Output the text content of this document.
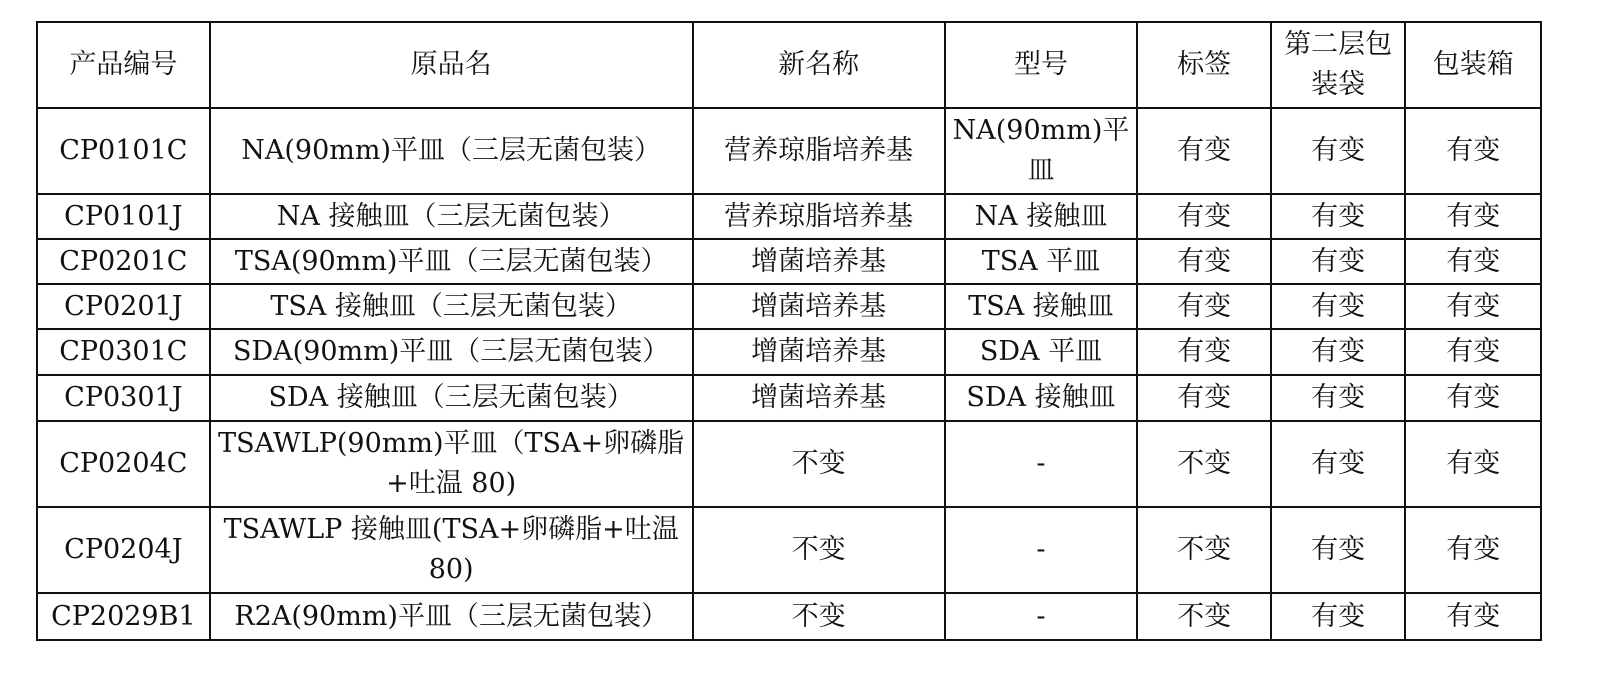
产品编号	原品名	新名称	型号	标签	第二层包装袋	包装箱
CP0101C	NA(90mm)平皿（三层无菌包装）	营养琼脂培养基	NA(90mm)平皿	有变	有变	有变
CP0101J	NA 接触皿（三层无菌包装）	营养琼脂培养基	NA 接触皿	有变	有变	有变
CP0201C	TSA(90mm)平皿（三层无菌包装）	增菌培养基	TSA 平皿	有变	有变	有变
CP0201J	TSA 接触皿（三层无菌包装）	增菌培养基	TSA 接触皿	有变	有变	有变
CP0301C	SDA(90mm)平皿（三层无菌包装）	增菌培养基	SDA 平皿	有变	有变	有变
CP0301J	SDA 接触皿（三层无菌包装）	增菌培养基	SDA 接触皿	有变	有变	有变
CP0204C	TSAWLP(90mm)平皿（TSA+卵磷脂+吐温 80)	不变	-	不变	有变	有变
CP0204J	TSAWLP 接触皿(TSA+卵磷脂+吐温 80)	不变	-	不变	有变	有变
CP2029B1	R2A(90mm)平皿（三层无菌包装）	不变	-	不变	有变	有变
